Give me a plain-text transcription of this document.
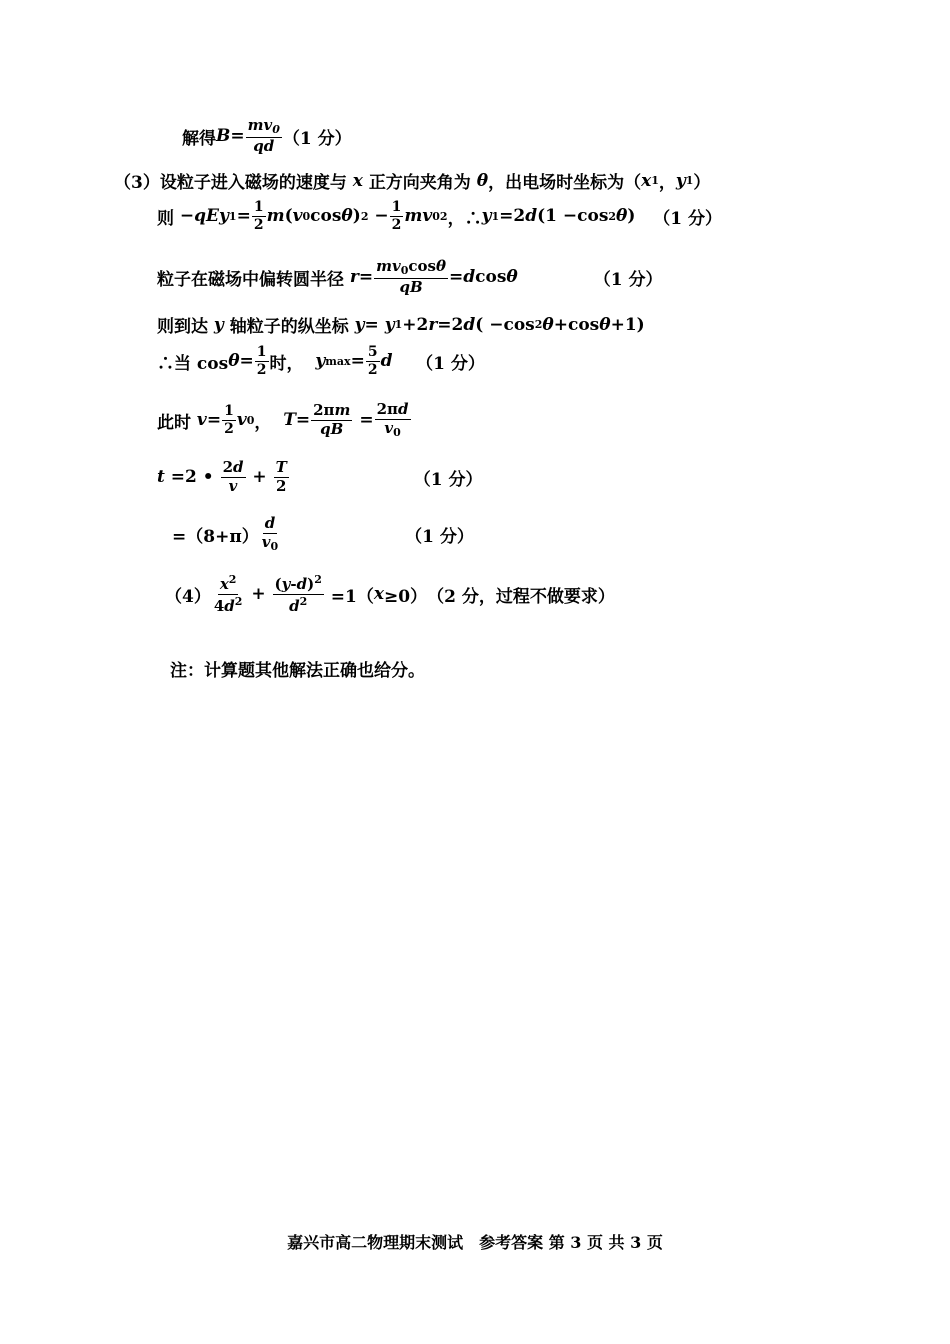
解得 $B = \frac{mv_0}{qd} (1$ 分）
（3）设粒子进入磁场的速度与 x 正方向夹角为 θ ，出电场时坐标为（ x 1 ， y 1 ）
则 − qEy $1 = \frac{1}{2}$ m ( v 0 cos θ ) $2 - \frac{1}{2}$ mv 0 2 ，∴ y 1 =2 d (1 −cos 2 θ ) （1 分）
粒子在磁场中偏转圆半径
$r = \frac{mv_0\cos\theta}{qB} = d$ cos θ	（1 分）
则到达 y 轴粒子的纵坐标
y = y 1 +2 r =2 d ( −cos 2 θ +cos θ +1)
∴当 $\cos \theta = \frac{1}{2}$ 时，
y $\max = \frac{5}{2}$ d
（1 分）
此时
$v = \frac{1}{2}$ v 0 ， $T = \frac{2\pi m}{qB} = \frac{2\pi d}{v_0}$
t =2 • $\frac{2d}{v} + \frac{T}{2}$	（1 分）
$=(8+\pi) \frac{d}{v_0}$	（1 分）
$(4) \frac{x^2}{4d^2} + \frac{(y-d)^2}{d^2} =1$（ x ≥0） （2 分，过程不做要求）
注：计算题其他解法正确也给分。
嘉兴市高二物理期末测试　参考答案 第 3 页 共 3 页
